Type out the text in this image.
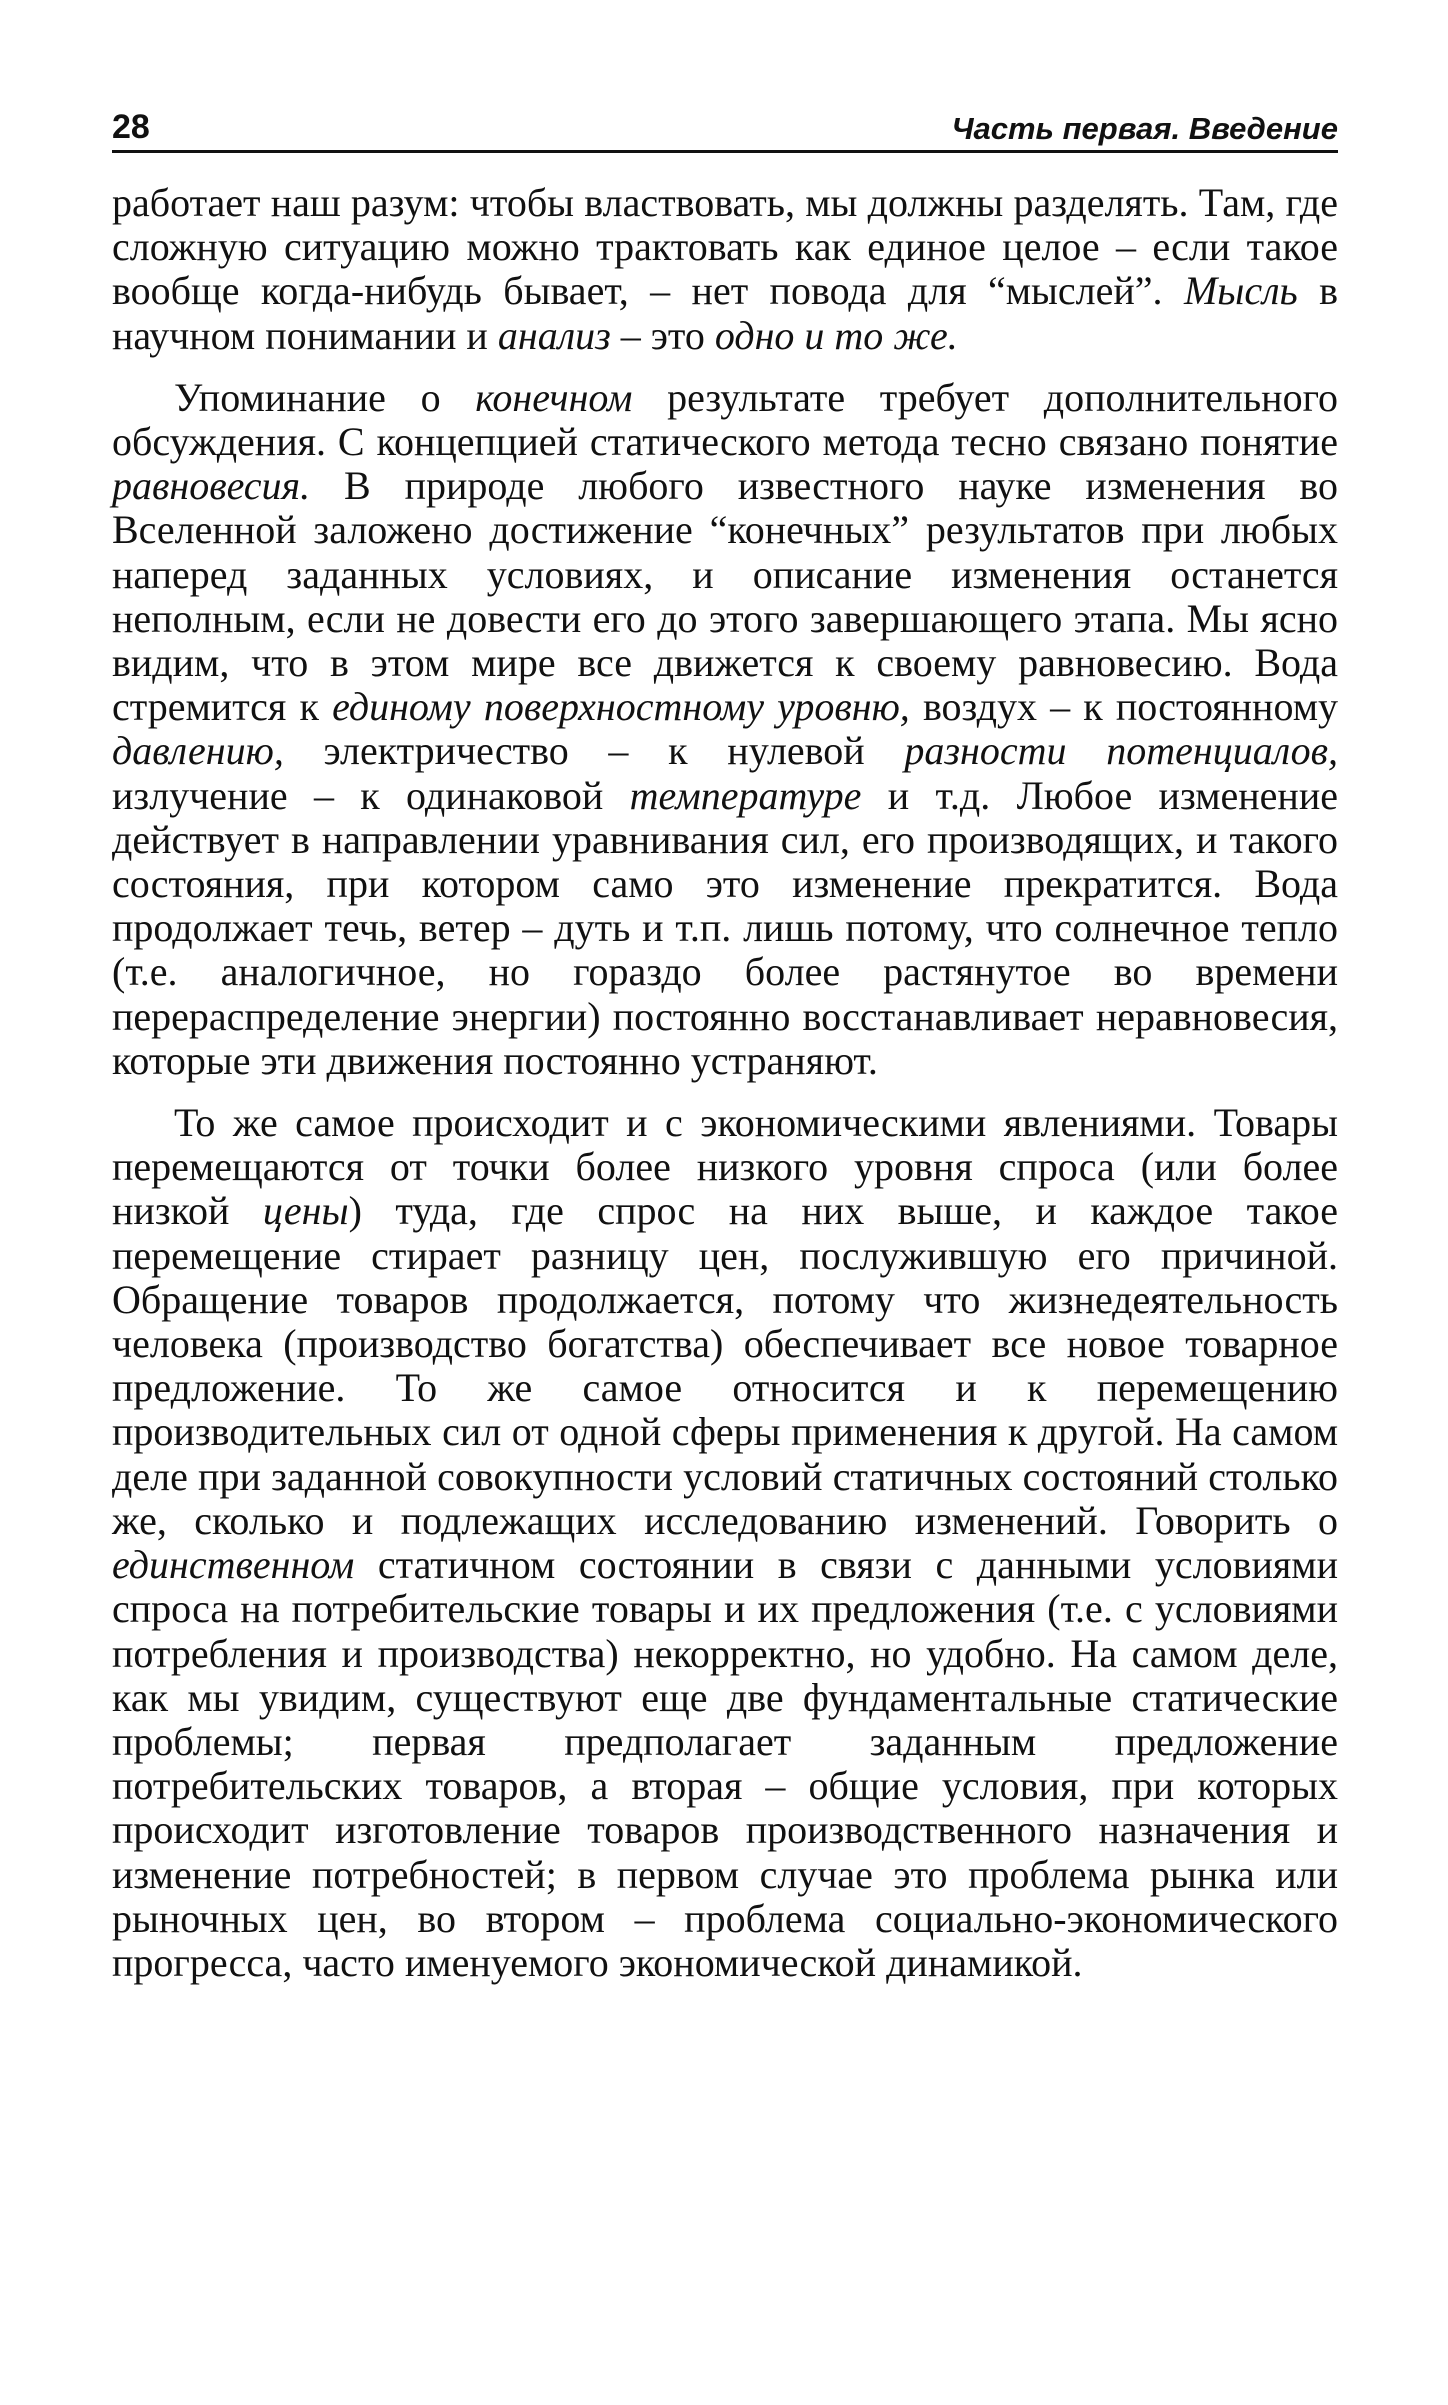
28	Часть первая. Введение

работает наш разум: чтобы властвовать, мы должны разделять. Там, где сложную ситуацию можно трактовать как единое целое – если такое вообще когда-нибудь бывает, – нет повода для “мыслей”. Мысль в научном понимании и анализ – это одно и то же.

Упоминание о конечном результате требует дополнительного обсуждения. С концепцией статического метода тесно связано понятие равновесия. В природе любого известного науке изменения во Вселенной заложено достижение “конечных” результатов при любых наперед заданных условиях, и описание изменения останется неполным, если не довести его до этого завершающего этапа. Мы ясно видим, что в этом мире все движется к своему равновесию. Вода стремится к единому поверхностному уровню, воздух – к постоянному давлению, электричество – к нулевой разности потенциалов, излучение – к одинаковой температуре и т.д. Любое изменение действует в направлении уравнивания сил, его производящих, и такого состояния, при котором само это изменение прекратится. Вода продолжает течь, ветер – дуть и т.п. лишь потому, что солнечное тепло (т.е. аналогичное, но гораздо более растянутое во времени перераспределение энергии) постоянно восстанавливает неравновесия, которые эти движения постоянно устраняют.

То же самое происходит и с экономическими явлениями. Товары перемещаются от точки более низкого уровня спроса (или более низкой цены) туда, где спрос на них выше, и каждое такое перемещение стирает разницу цен, послужившую его причиной. Обращение товаров продолжается, потому что жизнедеятельность человека (производство богатства) обеспечивает все новое товарное предложение. То же самое относится и к перемещению производительных сил от одной сферы применения к другой. На самом деле при заданной совокупности условий статичных состояний столько же, сколько и подлежащих исследованию изменений. Говорить о единственном статичном состоянии в связи с данными условиями спроса на потребительские товары и их предложения (т.е. с условиями потребления и производства) некорректно, но удобно. На самом деле, как мы увидим, существуют еще две фундаментальные статические проблемы; первая предполагает заданным предложение потребительских товаров, а вторая – общие условия, при которых происходит изготовление товаров производственного назначения и изменение потребностей; в первом случае это проблема рынка или рыночных цен, во втором – проблема социально-экономического прогресса, часто именуемого экономической динамикой.
